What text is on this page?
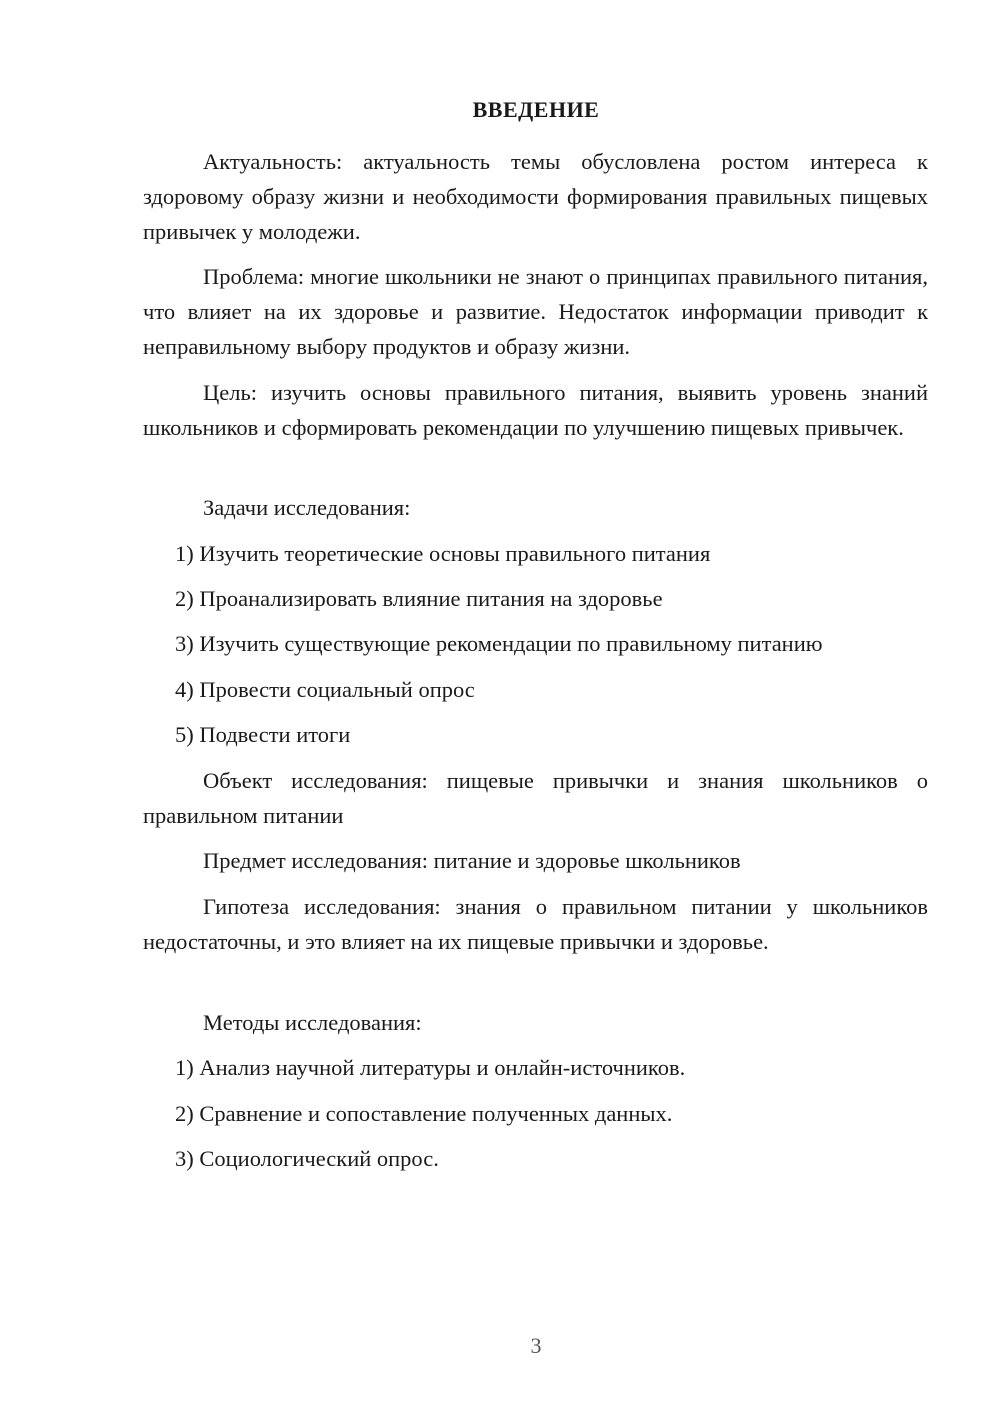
ВВЕДЕНИЕ
Актуальность: актуальность темы обусловлена ростом интереса к здоровому образу жизни и необходимости формирования правильных пищевых привычек у молодежи.
Проблема: многие школьники не знают о принципах правильного питания, что влияет на их здоровье и развитие. Недостаток информации приводит к неправильному выбору продуктов и образу жизни.
Цель: изучить основы правильного питания, выявить уровень знаний школьников и сформировать рекомендации по улучшению пищевых привычек.
Задачи исследования:
1) Изучить теоретические основы правильного питания
2) Проанализировать влияние питания на здоровье
3) Изучить существующие рекомендации по правильному питанию
4) Провести социальный опрос
5) Подвести итоги
Объект исследования: пищевые привычки и знания школьников о правильном питании
Предмет исследования: питание и здоровье школьников
Гипотеза исследования: знания о правильном питании у школьников недостаточны, и это влияет на их пищевые привычки и здоровье.
Методы исследования:
1) Анализ научной литературы и онлайн-источников.
2) Сравнение и сопоставление полученных данных.
3) Социологический опрос.
3
